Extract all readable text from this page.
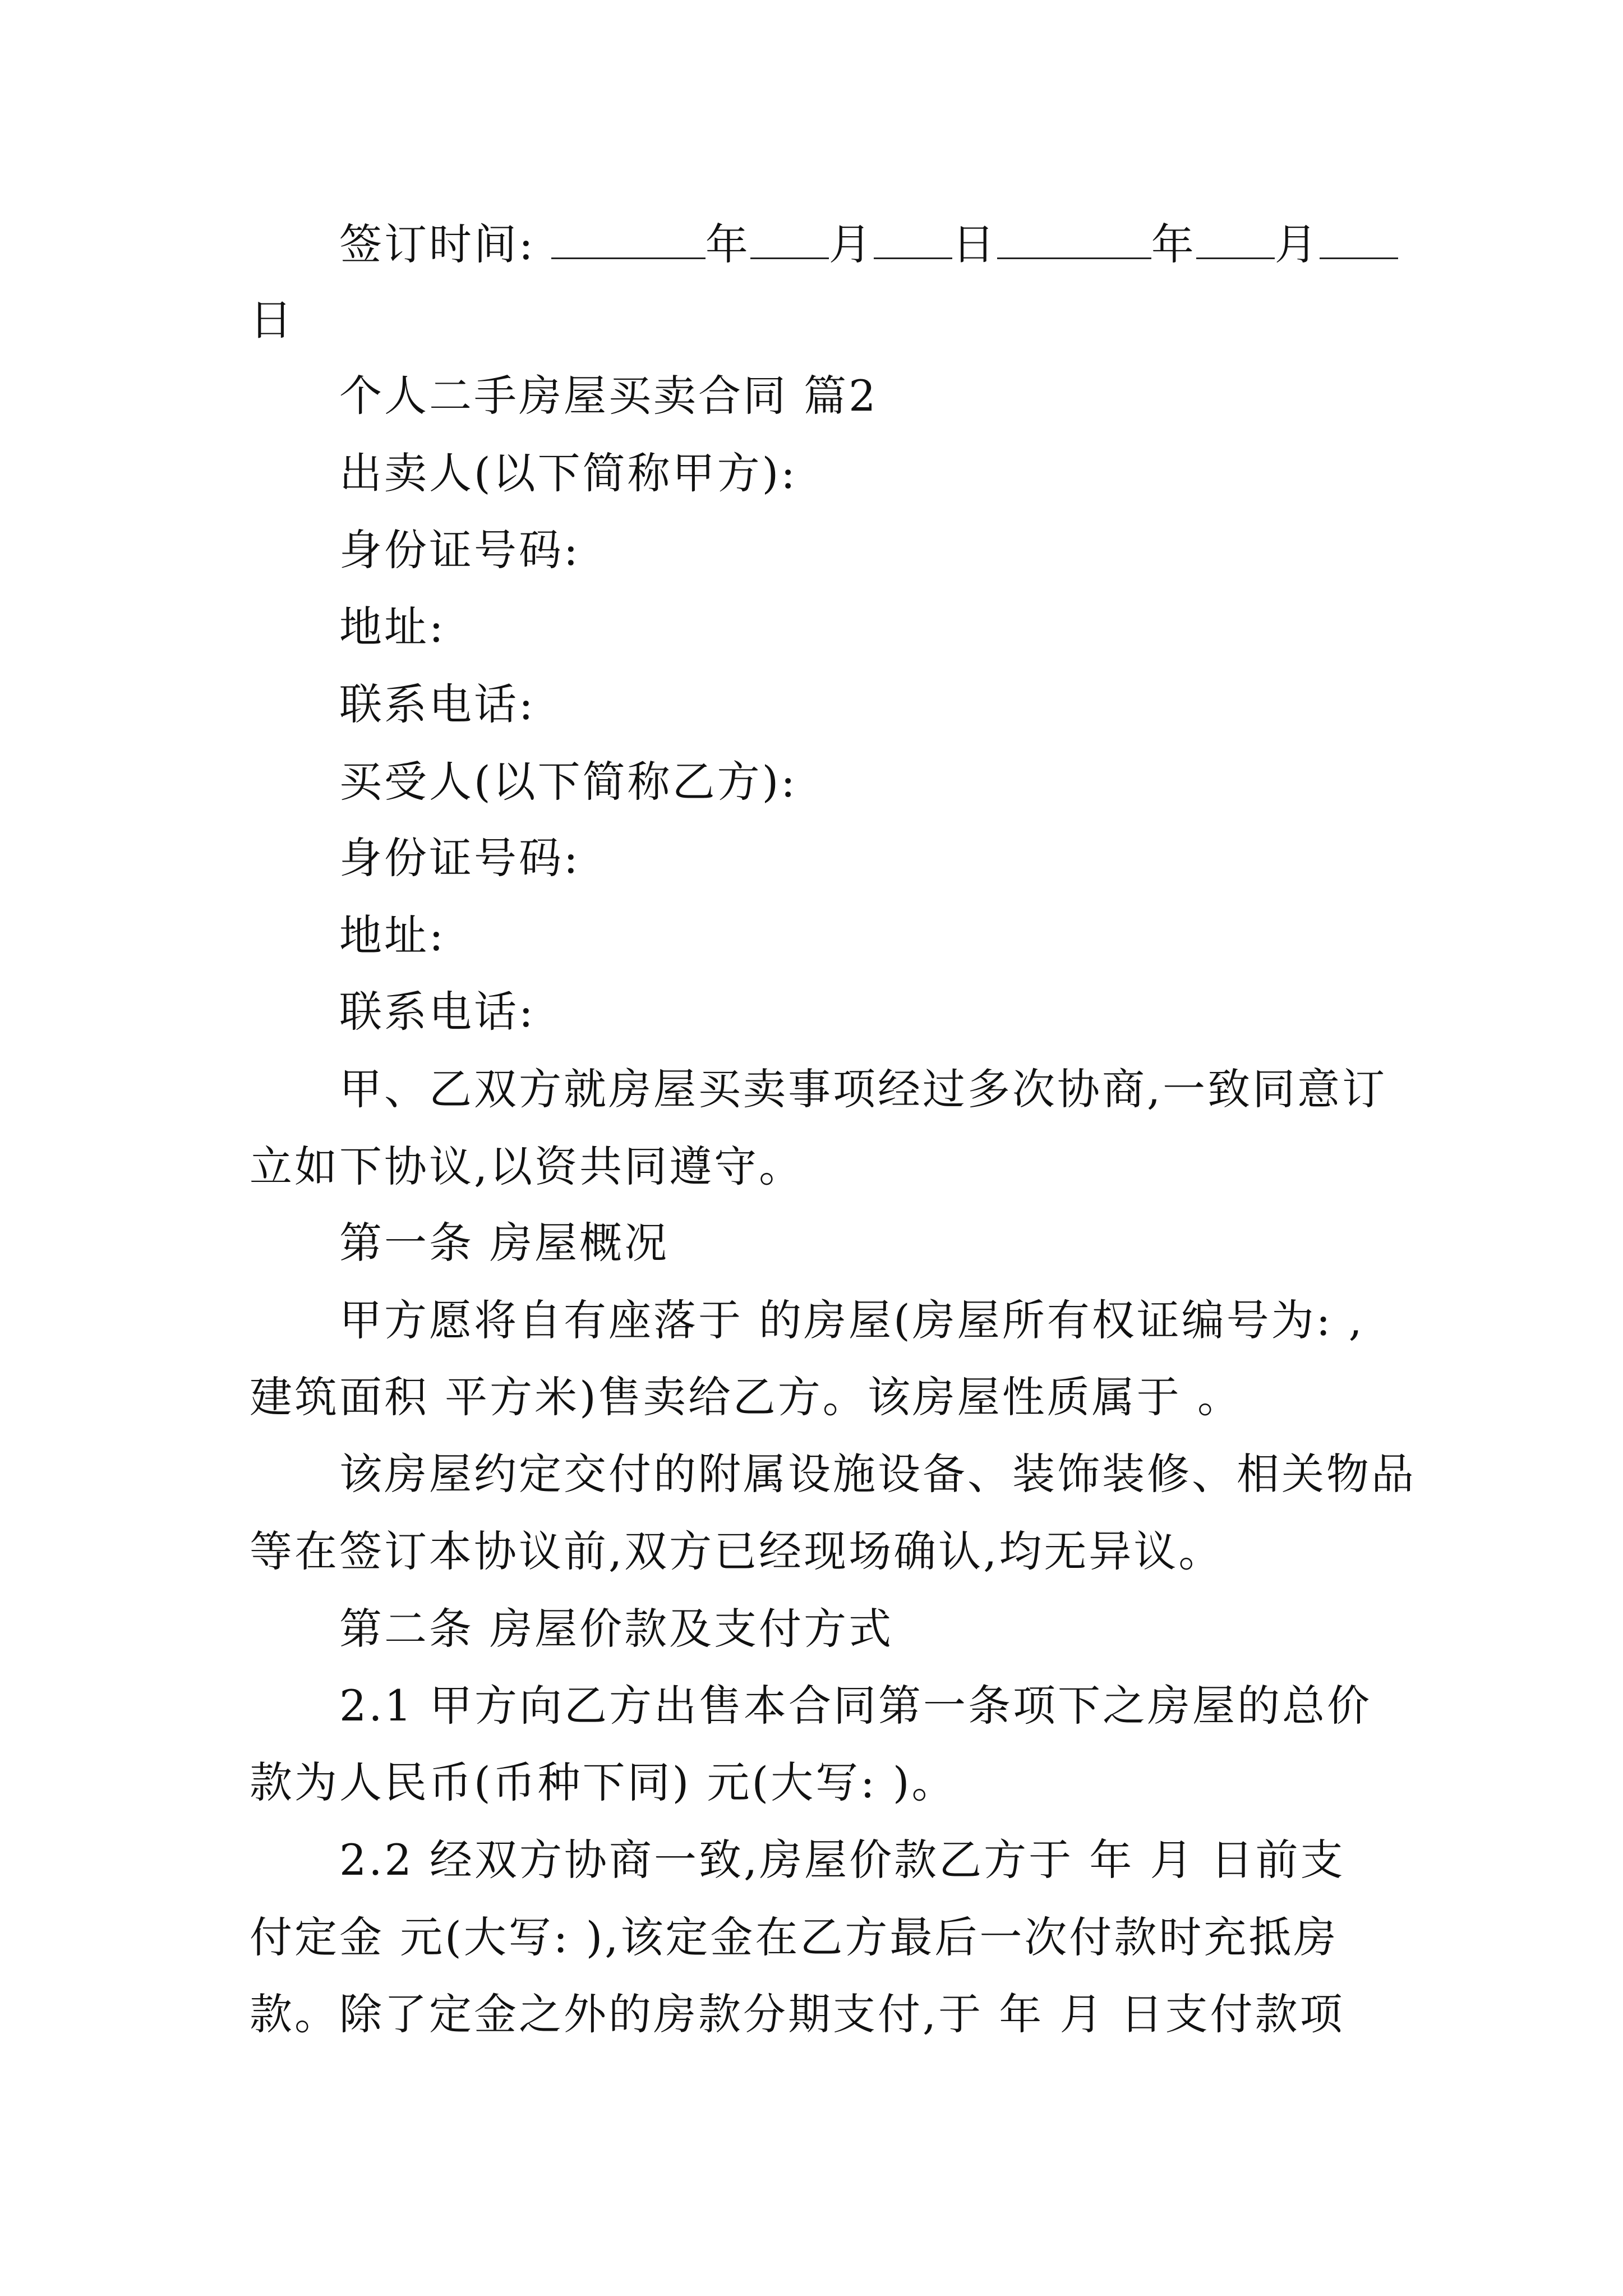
签订时间:	年 月 日	年 月
日
个人二手房屋买卖合同 篇2
出卖人(以下简称甲方):
身份证号码:
地址:
联系电话:
买受人(以下简称乙方):
身份证号码:
地址:
联系电话:
甲、乙双方就房屋买卖事项经过多次协商,一致同意订
立如下协议,以资共同遵守。
第一条 房屋概况
甲方愿将自有座落于 的房屋(房屋所有权证编号为: ,
建筑面积 平方米)售卖给乙方。该房屋性质属于 。
该房屋约定交付的附属设施设备、装饰装修、相关物品
等在签订本协议前,双方已经现场确认,均无异议。
第二条 房屋价款及支付方式
2.1 甲方向乙方出售本合同第一条项下之房屋的总价
款为人民币(币种下同) 元(大写: )。
2.2 经双方协商一致,房屋价款乙方于 年 月 日前支
付定金 元(大写: ),该定金在乙方最后一次付款时充抵房
款。除了定金之外的房款分期支付,于 年 月 日支付款项
